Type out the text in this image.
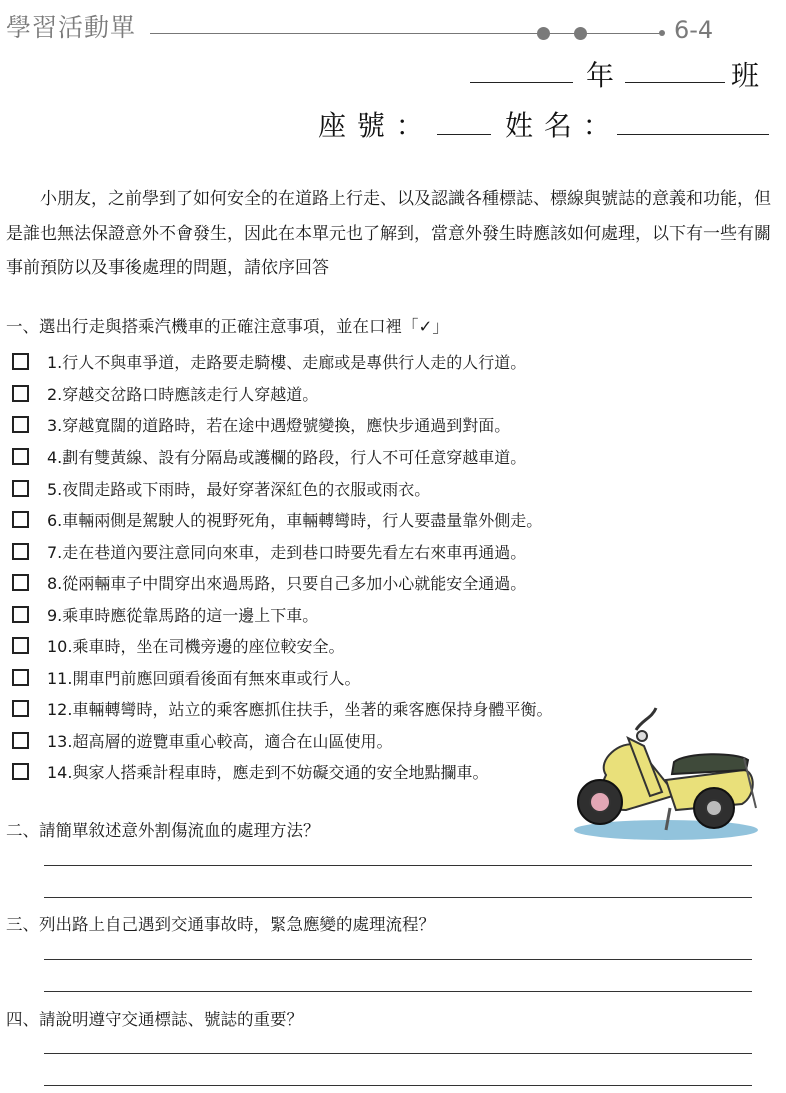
學習活動單	6-4
年	班
座 號 ：	姓 名 ：
小朋友，之前學到了如何安全的在道路上行走、以及認識各種標誌、標線與號誌的意義和功能，但是誰也無法保證意外不會發生，因此在本單元也了解到，當意外發生時應該如何處理，以下有一些有關事前預防以及事後處理的問題，請依序回答
一、選出行走與搭乘汽機車的正確注意事項，並在口裡「✓」
1.行人不與車爭道，走路要走騎樓、走廊或是專供行人走的人行道。
2.穿越交岔路口時應該走行人穿越道。
3.穿越寬闊的道路時，若在途中遇燈號變換，應快步通過到對面。
4.劃有雙黃線、設有分隔島或護欄的路段，行人不可任意穿越車道。
5.夜間走路或下雨時，最好穿著深紅色的衣服或雨衣。
6.車輛兩側是駕駛人的視野死角，車輛轉彎時，行人要盡量靠外側走。
7.走在巷道內要注意同向來車，走到巷口時要先看左右來車再通過。
8.從兩輛車子中間穿出來過馬路，只要自己多加小心就能安全通過。
9.乘車時應從靠馬路的這一邊上下車。
10.乘車時，坐在司機旁邊的座位較安全。
11.開車門前應回頭看後面有無來車或行人。
12.車輛轉彎時，站立的乘客應抓住扶手，坐著的乘客應保持身體平衡。
13.超高層的遊覽車重心較高，適合在山區使用。
14.與家人搭乘計程車時，應走到不妨礙交通的安全地點攔車。
二、請簡單敘述意外割傷流血的處理方法？
三、列出路上自己遇到交通事故時，緊急應變的處理流程？
四、請說明遵守交通標誌、號誌的重要？
